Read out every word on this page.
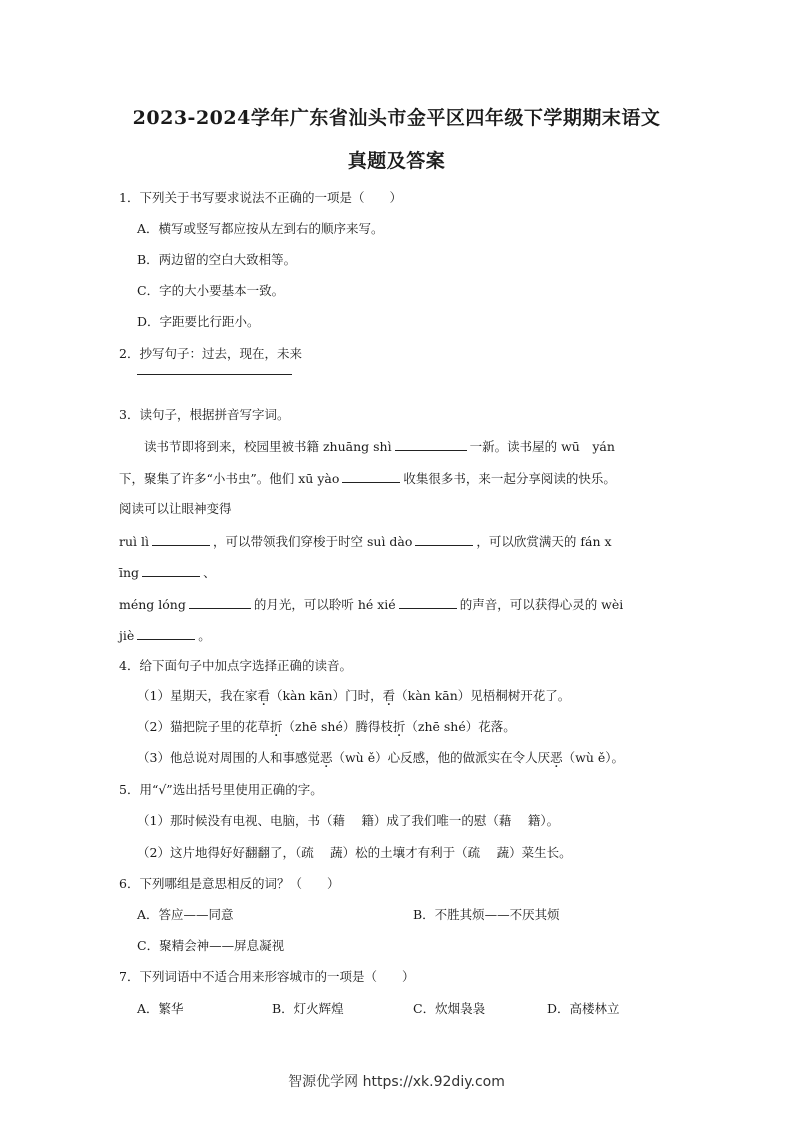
2023-2024学年广东省汕头市金平区四年级下学期期末语文
真题及答案
1．下列关于书写要求说法不正确的一项是（　　）
A．横写或竖写都应按从左到右的顺序来写。
B．两边留的空白大致相等。
C．字的大小要基本一致。
D．字距要比行距小。
2．抄写句子：过去，现在，未来
3．读句子，根据拼音写字词。
　　读书节即将到来，校园里被书籍 zhuāng shì	一新。读书屋的 wū　yán
下，聚集了许多“小书虫”。他们 xū yào	收集很多书，来一起分享阅读的快乐。
阅读可以让眼神变得
ruì lì	，可以带领我们穿梭于时空 suì dào	，可以欣赏满天的 fán x
īng	、
méng lóng	的月光，可以聆听 hé xié	的声音，可以获得心灵的 wèi
jiè	。
4．给下面句子中加点字选择正确的读音。
（1）星期天，我在家看（kàn kān）门时，看（kàn kān）见梧桐树开花了。
（2）猫把院子里的花草折（zhē shé）腾得枝折（zhē shé）花落。
（3）他总说对周围的人和事感觉恶（wù ě）心反感，他的做派实在令人厌恶（wù ě）。
5．用“√”选出括号里使用正确的字。
（1）那时候没有电视、电脑，书（藉　 籍）成了我们唯一的慰（藉　 籍）。
（2）这片地得好好翻翻了，（疏　 蔬）松的土壤才有利于（疏　 蔬）菜生长。
6．下列哪组是意思相反的词？（　　）
A．答应——同意	B．不胜其烦——不厌其烦
C．聚精会神——屏息凝视
7．下列词语中不适合用来形容城市的一项是（　　）
A．繁华	B．灯火辉煌	C．炊烟袅袅	D．高楼林立
智源优学网 https://xk.92diy.com
